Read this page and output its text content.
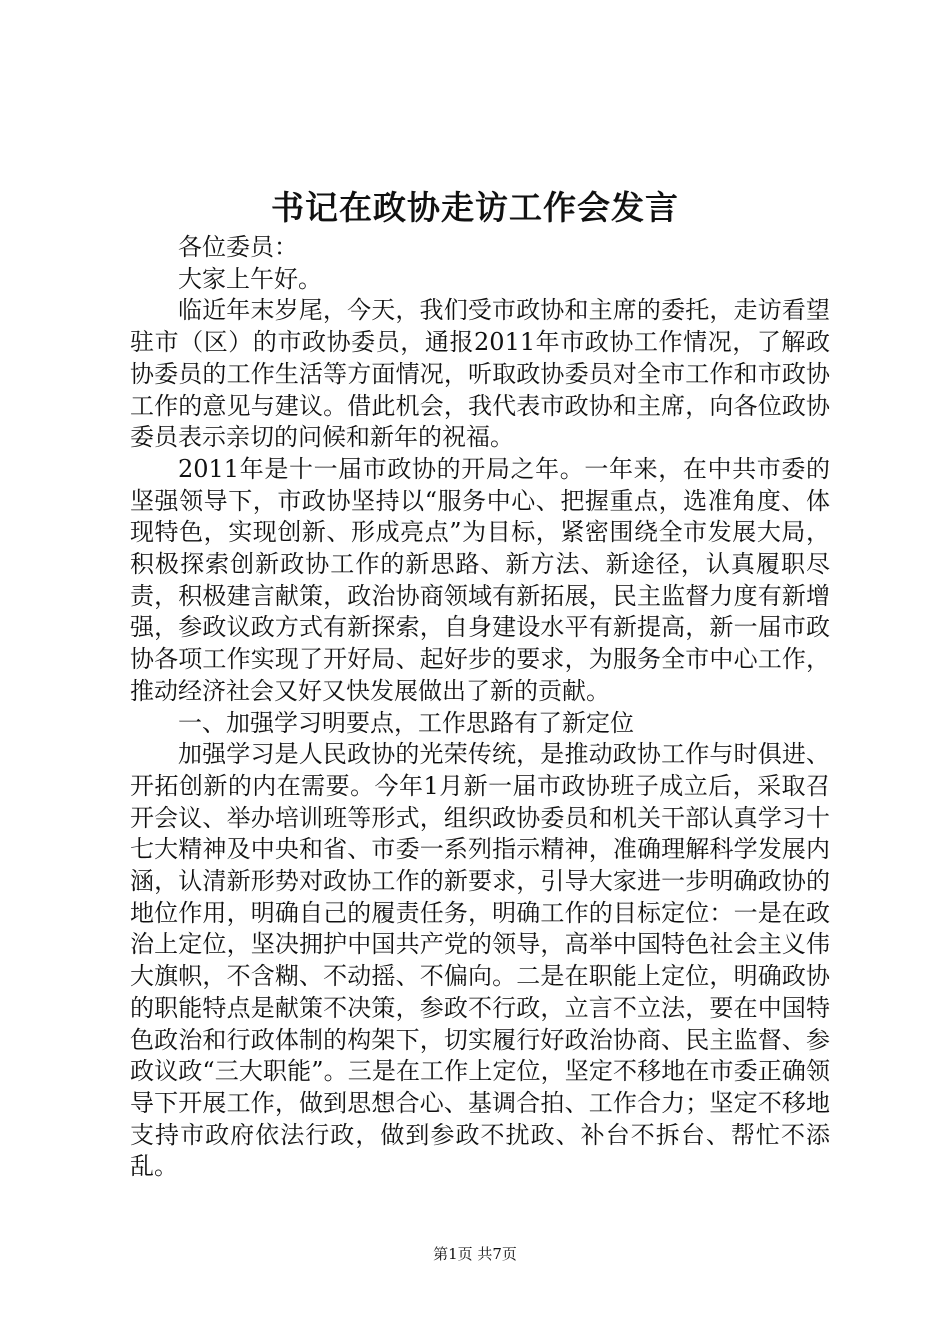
书记在政协走访工作会发言

各位委员：

大家上午好。

临近年末岁尾，今天，我们受市政协和主席的委托，走访看望驻市（区）的市政协委员，通报2011年市政协工作情况，了解政协委员的工作生活等方面情况，听取政协委员对全市工作和市政协工作的意见与建议。借此机会，我代表市政协和主席，向各位政协委员表示亲切的问候和新年的祝福。

2011年是十一届市政协的开局之年。一年来，在中共市委的坚强领导下，市政协坚持以“服务中心、把握重点，选准角度、体现特色，实现创新、形成亮点”为目标，紧密围绕全市发展大局，积极探索创新政协工作的新思路、新方法、新途径，认真履职尽责，积极建言献策，政治协商领域有新拓展，民主监督力度有新增强，参政议政方式有新探索，自身建设水平有新提高，新一届市政协各项工作实现了开好局、起好步的要求，为服务全市中心工作，推动经济社会又好又快发展做出了新的贡献。

一、加强学习明要点，工作思路有了新定位

加强学习是人民政协的光荣传统，是推动政协工作与时俱进、开拓创新的内在需要。今年1月新一届市政协班子成立后，采取召开会议、举办培训班等形式，组织政协委员和机关干部认真学习十七大精神及中央和省、市委一系列指示精神，准确理解科学发展内涵，认清新形势对政协工作的新要求，引导大家进一步明确政协的地位作用，明确自己的履责任务，明确工作的目标定位：一是在政治上定位，坚决拥护中国共产党的领导，高举中国特色社会主义伟大旗帜，不含糊、不动摇、不偏向。二是在职能上定位，明确政协的职能特点是献策不决策，参政不行政，立言不立法，要在中国特色政治和行政体制的构架下，切实履行好政治协商、民主监督、参政议政“三大职能”。三是在工作上定位，坚定不移地在市委正确领导下开展工作，做到思想合心、基调合拍、工作合力；坚定不移地支持市政府依法行政，做到参政不扰政、补台不拆台、帮忙不添乱。

第1页 共7页
